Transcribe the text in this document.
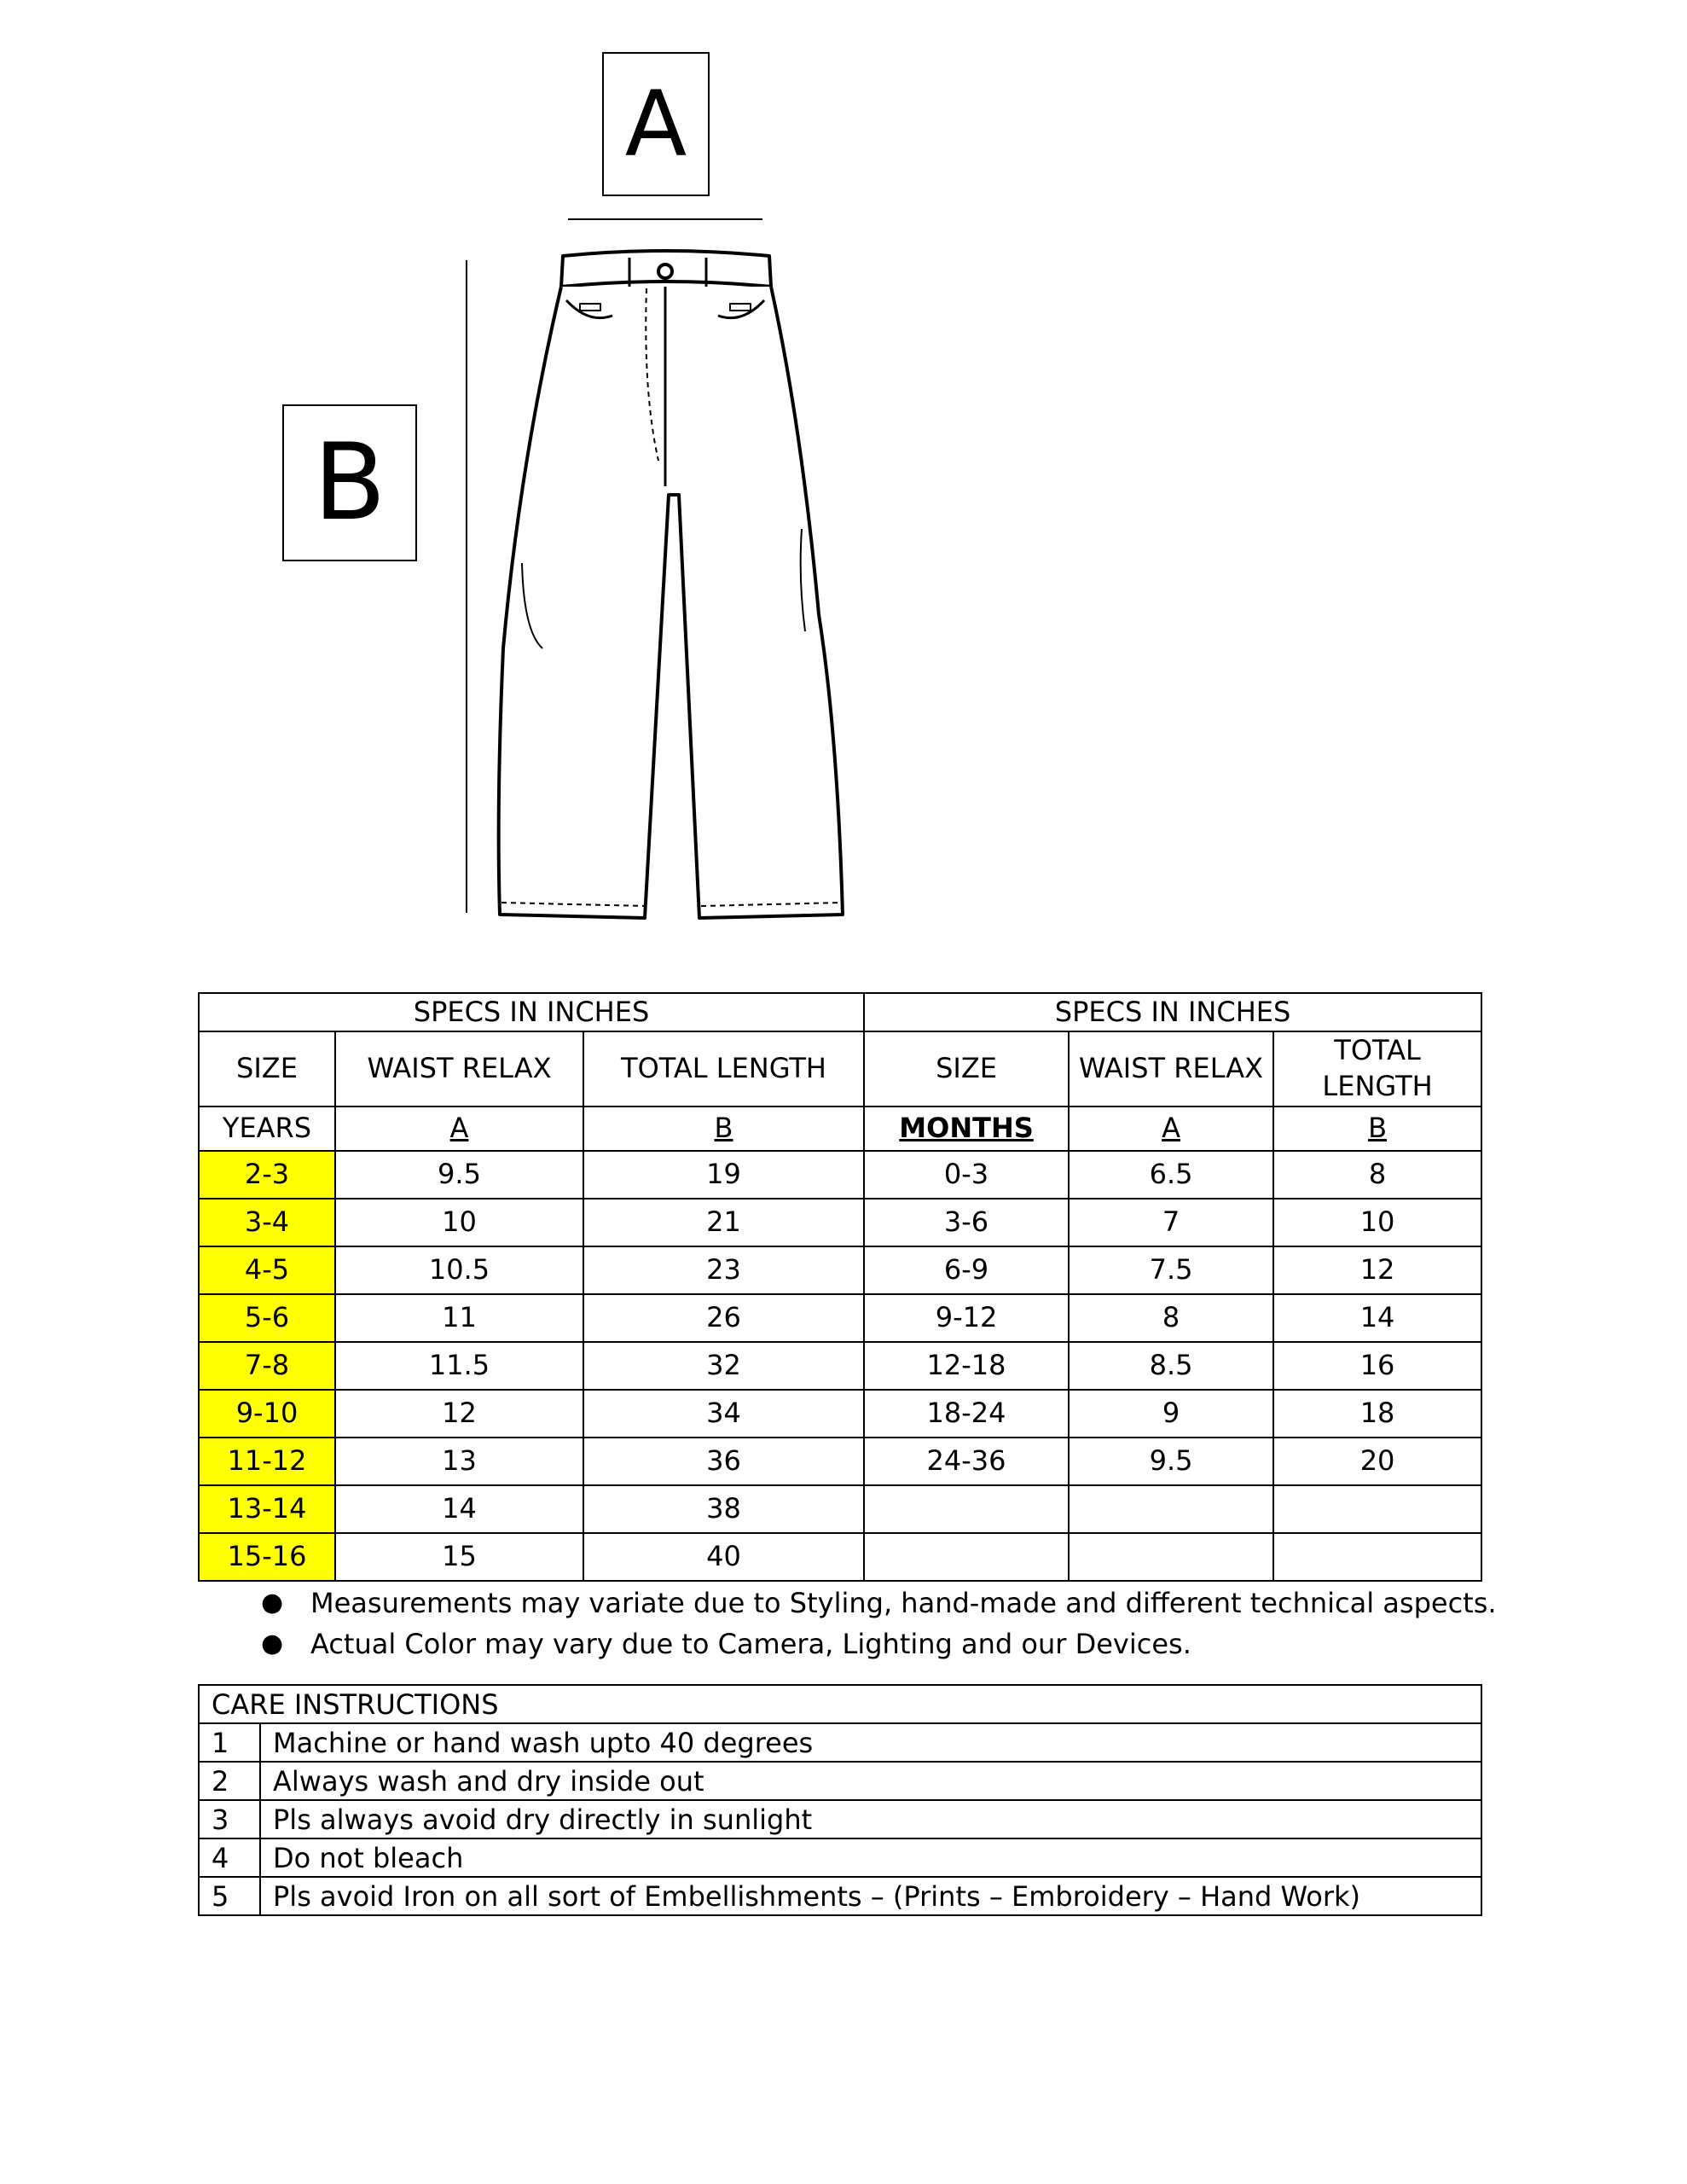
A
B
SPECS IN INCHES			SPECS IN INCHES		
SIZE	WAIST RELAX	TOTAL LENGTH	SIZE	WAIST RELAX	TOTAL
LENGTH
YEARS	A	B	MONTHS	A	B
2-3	9.5	19	0-3	6.5	8
3-4	10	21	3-6	7	10
4-5	10.5	23	6-9	7.5	12
5-6	11	26	9-12	8	14
7-8	11.5	32	12-18	8.5	16
9-10	12	34	18-24	9	18
11-12	13	36	24-36	9.5	20
13-14	14	38			
15-16	15	40			
● Measurements may variate due to Styling, hand-made and different technical aspects.
● Actual Color may vary due to Camera, Lighting and our Devices.
CARE INSTRUCTIONS	
1	Machine or hand wash upto 40 degrees
2	Always wash and dry inside out
3	Pls always avoid dry directly in sunlight
4	Do not bleach
5	Pls avoid Iron on all sort of Embellishments – (Prints – Embroidery – Hand Work)
